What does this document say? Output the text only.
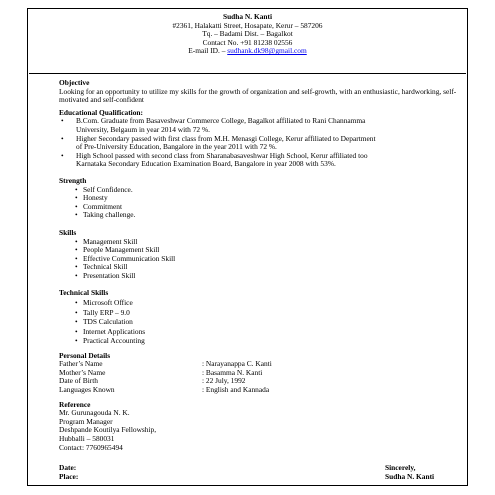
Sudha N. Kanti
#2361, Halakatti Street, Hosapate, Kerur – 587206
Tq. – Badami Dist. – Bagalkot
Contact No. +91 81238 02556
E-mail ID. – sudhank.dk98@gmail.com

Objective

Looking for an opportunity to utilize my skills for the growth of organization and self-growth, with an enthusiastic, hardworking, self-motivated and self-confident

Educational Qualification:

• B.Com. Graduate from Basaveshwar Commerce College, Bagalkot affiliated to Rani Channamma
University, Belgaum in year 2014 with 72 %.
• Higher Secondary passed with first class from M.H. Menasgi College, Kerur affiliated to Department
of Pre-University Education, Bangalore in the year 2011 with 72 %.
• High School passed with second class from Sharanabasaveshwar High School, Kerur affiliated too
Karnataka Secondary Education Examination Board, Bangalore in year 2008 with 53%.

Strength

• Self Confidence.
• Honesty
• Commitment
• Taking challenge.

Skills

• Management Skill
• People Management Skill
• Effective Communication Skill
• Technical Skill
• Presentation Skill

Technical Skills

• Microsoft Office
• Tally ERP – 9.0
• TDS Calculation
• Internet Applications
• Practical Accounting

Personal Details

Father’s Name	: Narayanappa C. Kanti
Mother’s Name	: Basamma N. Kanti
Date of Birth	: 22 July, 1992
Languages Known	: English and Kannada

Reference

Mr. Gurunagouda N. K.
Program Manager
Deshpande Koutilya Fellowship,
Hubballi – 580031
Contact: 7760965494
Date:	Sincerely,
Place:	Sudha N. Kanti
